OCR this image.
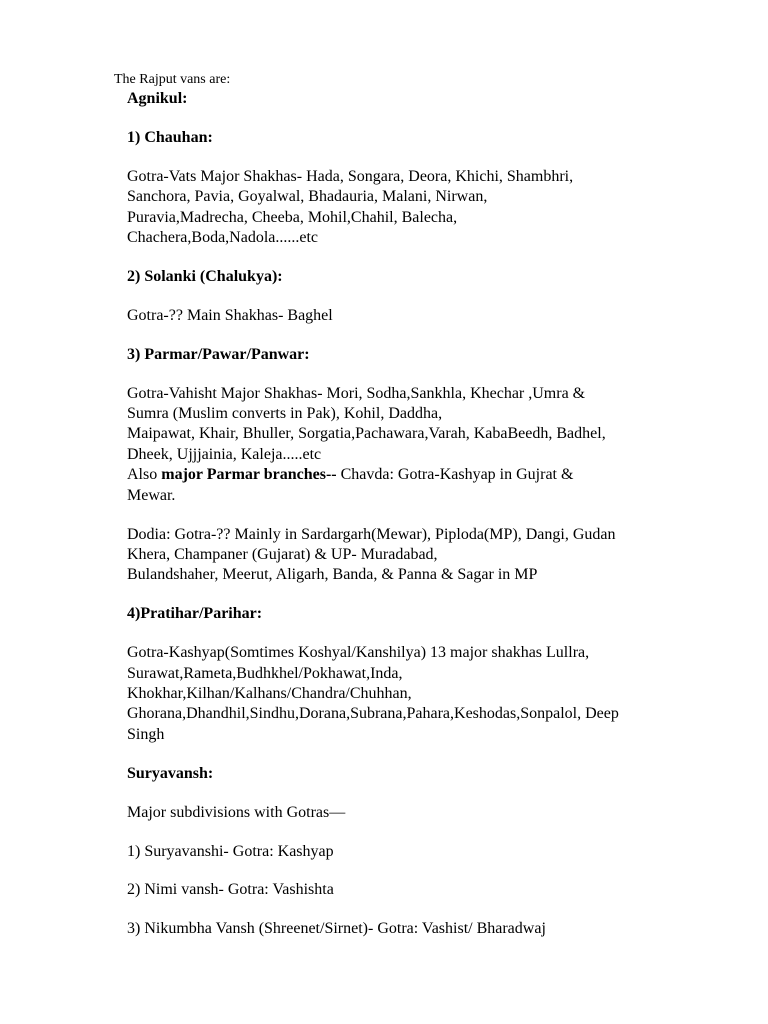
The Rajput vans are:

Agnikul:

1) Chauhan:

Gotra-Vats Major Shakhas- Hada, Songara, Deora, Khichi, Shambhri,
Sanchora, Pavia, Goyalwal, Bhadauria, Malani, Nirwan,
Puravia,Madrecha, Cheeba, Mohil,Chahil, Balecha,
Chachera,Boda,Nadola......etc

2) Solanki (Chalukya):

Gotra-?? Main Shakhas- Baghel

3) Parmar/Pawar/Panwar:

Gotra-Vahisht Major Shakhas- Mori, Sodha,Sankhla, Khechar ,Umra &
Sumra (Muslim converts in Pak), Kohil, Daddha,
Maipawat, Khair, Bhuller, Sorgatia,Pachawara,Varah, KabaBeedh, Badhel,
Dheek, Ujjjainia, Kaleja.....etc
Also major Parmar branches-- Chavda: Gotra-Kashyap in Gujrat &
Mewar.

Dodia: Gotra-?? Mainly in Sardargarh(Mewar), Piploda(MP), Dangi, Gudan
Khera, Champaner (Gujarat) & UP- Muradabad,
Bulandshaher, Meerut, Aligarh, Banda, & Panna & Sagar in MP

4)Pratihar/Parihar:

Gotra-Kashyap(Somtimes Koshyal/Kanshilya) 13 major shakhas Lullra,
Surawat,Rameta,Budhkhel/Pokhawat,Inda,
Khokhar,Kilhan/Kalhans/Chandra/Chuhhan,
Ghorana,Dhandhil,Sindhu,Dorana,Subrana,Pahara,Keshodas,Sonpalol, Deep
Singh

Suryavansh:

Major subdivisions with Gotras—

1) Suryavanshi- Gotra: Kashyap

2) Nimi vansh- Gotra: Vashishta

3) Nikumbha Vansh (Shreenet/Sirnet)- Gotra: Vashist/ Bharadwaj
